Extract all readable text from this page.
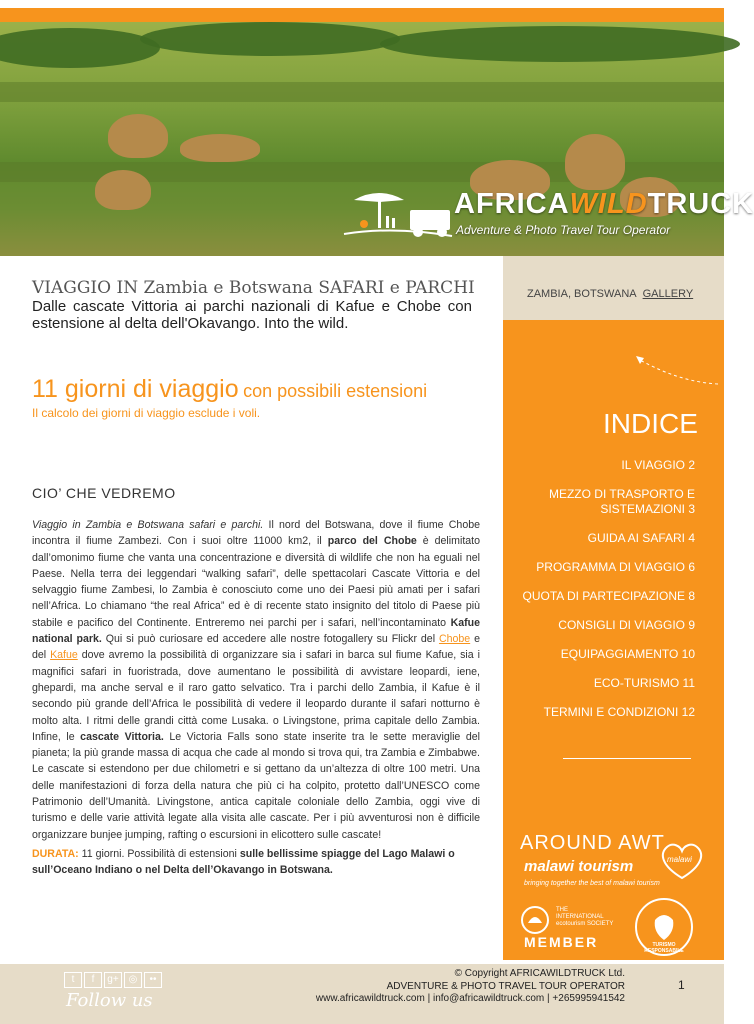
AFRICAWILDTRUCK
Adventure & Photo Travel Tour Operator
ZAMBIA, BOTSWANA GALLERY
INDICE
IL VIAGGIO 2
MEZZO DI TRASPORTO E SISTEMAZIONI 3
GUIDA AI SAFARI 4
PROGRAMMA DI VIAGGIO 6
QUOTA DI PARTECIPAZIONE 8
CONSIGLI DI VIAGGIO 9
EQUIPAGGIAMENTO 10
ECO-TURISMO 11
TERMINI E CONDIZIONI 12
AROUND AWT
malawi tourism
bringing together the best of malawi tourism
malawi
THE INTERNATIONAL ecotourism SOCIETY
MEMBER	TURISMO RESPONSABILE
VIAGGIO IN Zambia e Botswana SAFARI e PARCHI
Dalle cascate Vittoria ai parchi nazionali di Kafue e Chobe con estensione al delta dell'Okavango. Into the wild.
11 giorni di viaggio con possibili estensioni
Il calcolo dei giorni di viaggio esclude i voli.
CIO’ CHE VEDREMO
Viaggio in Zambia e Botswana safari e parchi. Il nord del Botswana, dove il fiume Chobe incontra il fiume Zambezi. Con i suoi oltre 11000 km2, il parco del Chobe è delimitato dall’omonimo fiume che vanta una concentrazione e diversità di wildlife che non ha eguali nel Paese. Nella terra dei leggendari “walking safari”, delle spettacolari Cascate Vittoria e del selvaggio fiume Zambesi, lo Zambia è conosciuto come uno dei Paesi più amati per i safari nell’Africa. Lo chiamano “the real Africa” ed è di recente stato insignito del titolo di Paese più stabile e pacifico del Continente. Entreremo nei parchi per i safari, nell’incontaminato Kafue national park. Qui si può curiosare ed accedere alle nostre fotogallery su Flickr del Chobe e del Kafue dove avremo la possibilità di organizzare sia i safari in barca sul fiume Kafue, sia i magnifici safari in fuoristrada, dove aumentano le possibilità di avvistare leopardi, iene, ghepardi, ma anche serval e il raro gatto selvatico. Tra i parchi dello Zambia, il Kafue è il secondo più grande dell’Africa le possibilità di vedere il leopardo durante il safari notturno è molto alta. I ritmi delle grandi città come Lusaka. o Livingstone, prima capitale dello Zambia. Infine, le cascate Vittoria. Le Victoria Falls sono state inserite tra le sette meraviglie del pianeta; la più grande massa di acqua che cade al mondo si trova qui, tra Zambia e Zimbabwe. Le cascate si estendono per due chilometri e si gettano da un’altezza di oltre 100 metri. Una delle manifestazioni di forza della natura che più ci ha colpito, protetto dall’UNESCO come Patrimonio dell’Umanità. Livingstone, antica capitale coloniale dello Zambia, oggi vive di turismo e delle varie attività legate alla visita alle cascate. Per i più avventurosi non è difficile organizzare bunjee jumping, rafting o escursioni in elicottero sulle cascate!
DURATA: 11 giorni. Possibilità di estensioni sulle bellissime spiagge del Lago Malawi o sull’Oceano Indiano o nel Delta dell’Okavango in Botswana.
t	f	g+ ◎	••
Follow us
© Copyright AFRICAWILDTRUCK Ltd.
ADVENTURE & PHOTO TRAVEL TOUR OPERATOR
www.africawildtruck.com | info@africawildtruck.com | +265995941542
1
